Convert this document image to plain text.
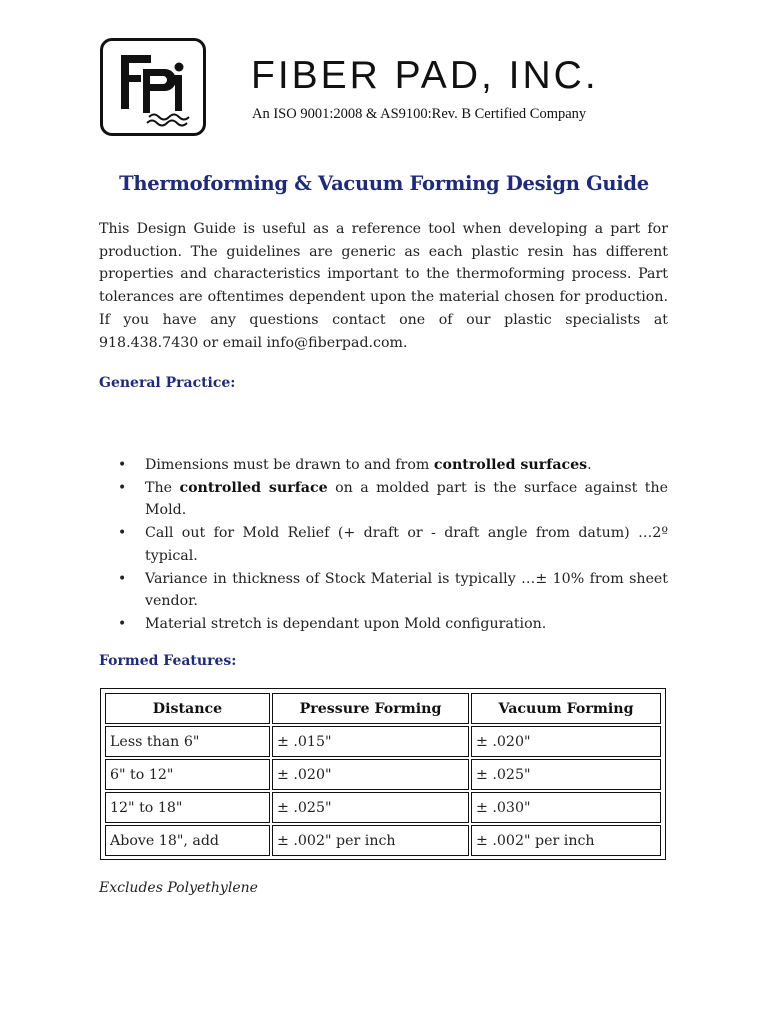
FPI
FIBER PAD, INC.
An ISO 9001:2008 & AS9100:Rev. B Certified Company
Thermoforming & Vacuum Forming Design Guide
This Design Guide is useful as a reference tool when developing a part for production. The guidelines are generic as each plastic resin has different properties and characteristics important to the thermoforming process. Part tolerances are oftentimes dependent upon the material chosen for production. If you have any questions contact one of our plastic specialists at 918.438.7430 or email info@fiberpad.com.
General Practice:
• Dimensions must be drawn to and from controlled surfaces.
• The controlled surface on a molded part is the surface against the Mold.
• Call out for Mold Relief (+ draft or - draft angle from datum) …2º typical.
• Variance in thickness of Stock Material is typically …± 10% from sheet vendor.
• Material stretch is dependant upon Mold configuration.
Formed Features:
Distance	Pressure Forming	Vacuum Forming
Less than 6"	± .015"	± .020"
6" to 12"	± .020"	± .025"
12" to 18"	± .025"	± .030"
Above 18", add	± .002" per inch	± .002" per inch
Excludes Polyethylene
